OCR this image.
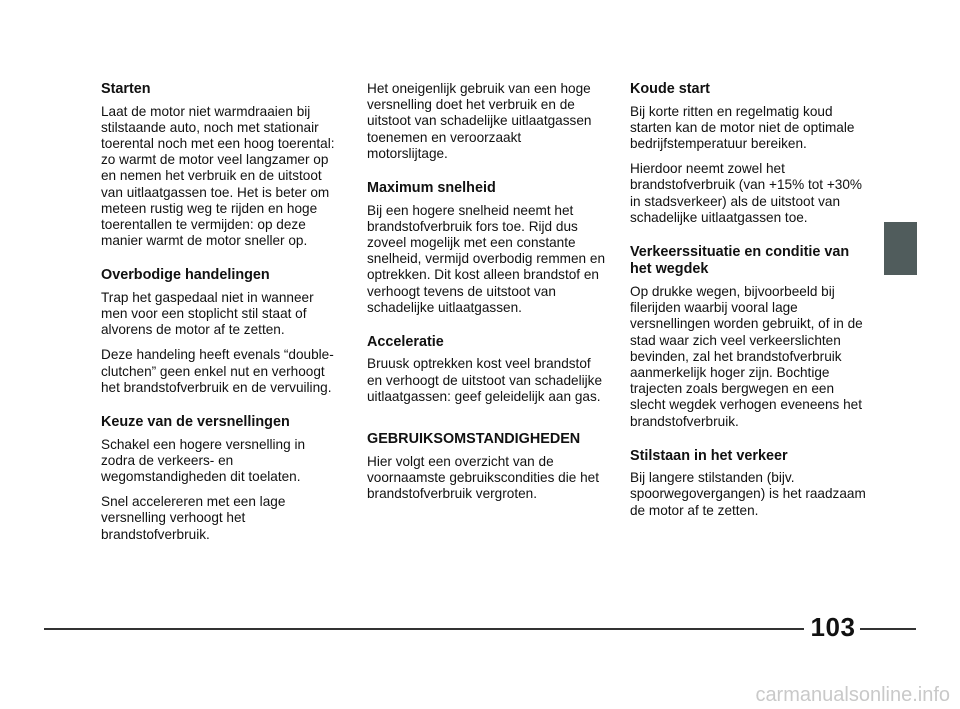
Starten

Laat de motor niet warmdraaien bij stilstaande auto, noch met stationair toerental noch met een hoog toerental: zo warmt de motor veel langzamer op en nemen het verbruik en de uitstoot van uitlaatgassen toe. Het is beter om meteen rustig weg te rijden en hoge toerentallen te vermijden: op deze manier warmt de motor sneller op.

Overbodige handelingen

Trap het gaspedaal niet in wanneer men voor een stoplicht stil staat of alvorens de motor af te zetten.

Deze handeling heeft evenals “double-clutchen” geen enkel nut en verhoogt het brandstofverbruik en de vervuiling.

Keuze van de versnellingen

Schakel een hogere versnelling in zodra de verkeers- en wegomstandigheden dit toelaten.

Snel accelereren met een lage versnelling verhoogt het brandstofverbruik.

Het oneigenlijk gebruik van een hoge versnelling doet het verbruik en de uitstoot van schadelijke uitlaatgassen toenemen en veroorzaakt motorslijtage.

Maximum snelheid

Bij een hogere snelheid neemt het brandstofverbruik fors toe. Rijd dus zoveel mogelijk met een constante snelheid, vermijd overbodig remmen en optrekken. Dit kost alleen brandstof en verhoogt tevens de uitstoot van schadelijke uitlaatgassen.

Acceleratie

Bruusk optrekken kost veel brandstof en verhoogt de uitstoot van schadelijke uitlaatgassen: geef geleidelijk aan gas.

GEBRUIKSOMSTANDIGHEDEN

Hier volgt een overzicht van de voornaamste gebruikscondities die het brandstofverbruik vergroten.

Koude start

Bij korte ritten en regelmatig koud starten kan de motor niet de optimale bedrijfstemperatuur bereiken.

Hierdoor neemt zowel het brandstofverbruik (van +15% tot +30% in stadsverkeer) als de uitstoot van schadelijke uitlaatgassen toe.

Verkeerssituatie en conditie van het wegdek

Op drukke wegen, bijvoorbeeld bij filerijden waarbij vooral lage versnellingen worden gebruikt, of in de stad waar zich veel verkeerslichten bevinden, zal het brandstofverbruik aanmerkelijk hoger zijn. Bochtige trajecten zoals bergwegen en een slecht wegdek verhogen eveneens het brandstofverbruik.

Stilstaan in het verkeer

Bij langere stilstanden (bijv. spoorwegovergangen) is het raadzaam de motor af te zetten.

103
carmanualsonline.info
